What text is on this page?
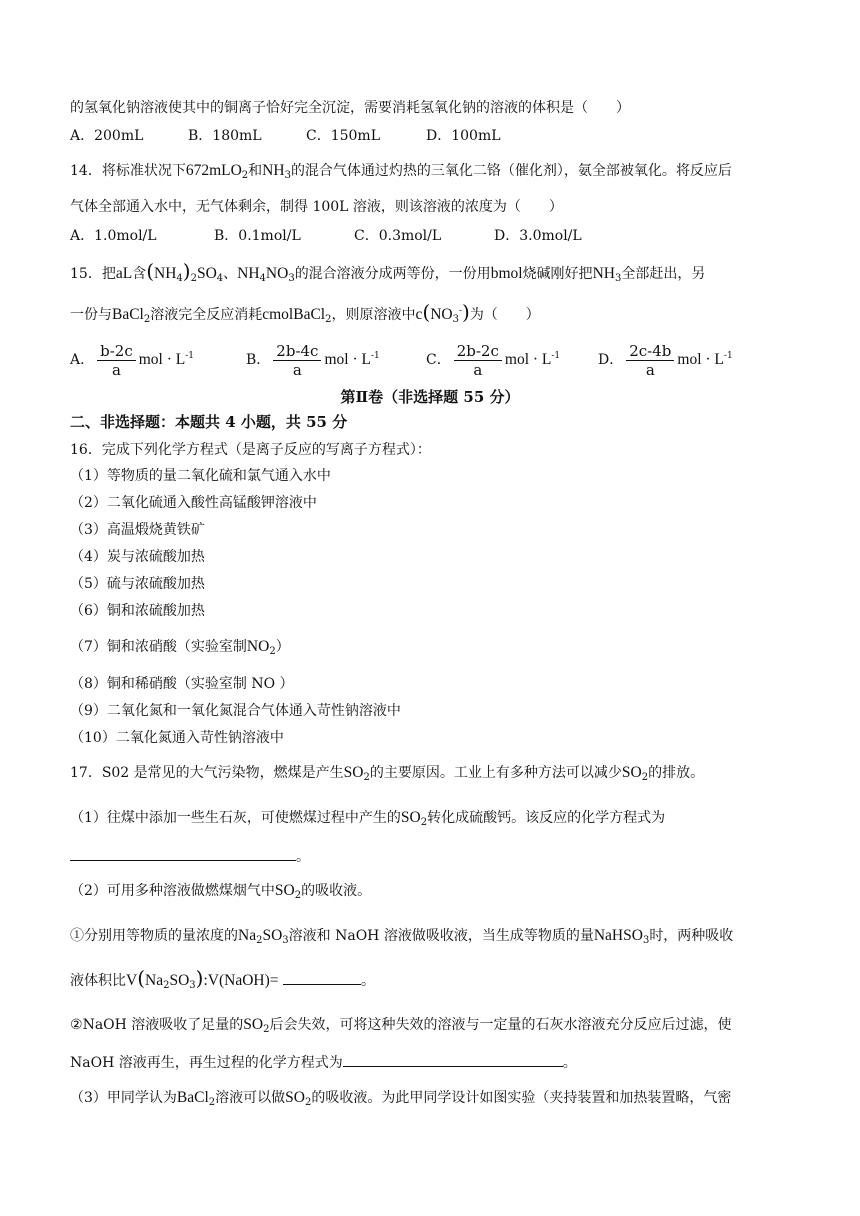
的氢氧化钠溶液使其中的铜离子恰好完全沉淀，需要消耗氢氧化钠的溶液的体积是（　　）
A．200mL	B．180mL	C．150mL	D．100mL
14．将标准状况下672mLO$_2$和$NH_3$的混合气体通过灼热的三氧化二铬（催化剂），氨全部被氧化。将反应后
气体全部通入水中，无气体剩余，制得 100L 溶液，则该溶液的浓度为（　　）
A．1.0mol/L	B．0.1mol/L	C．0.3mol/L	D．3.0mol/L
15．把aL含$(NH_4)_2SO_4$、$NH_4NO_3$的混合溶液分成两等份，一份用bmol烧碱刚好把$NH_3$全部赶出，另
一份与BaCl$_2$溶液完全反应消耗cmolBaCl$_2$，则原溶液中$c(NO_3^-)$为（　　）
A． $\frac{b-2c}{a}$ mol · $L^{-1}$	B． $\frac{2b-4c}{a}$ mol · $L^{-1}$	C． $\frac{2b-2c}{a}$ mol · $L^{-1}$	D． $\frac{2c-4b}{a}$ mol · $L^{-1}$
第Ⅱ卷（非选择题 55 分）
二、非选择题：本题共 4 小题，共 55 分
16．完成下列化学方程式（是离子反应的写离子方程式）：
（1）等物质的量二氧化硫和氯气通入水中
（2）二氧化硫通入酸性高锰酸钾溶液中
（3）高温煅烧黄铁矿
（4）炭与浓硫酸加热
（5）硫与浓硫酸加热
（6）铜和浓硫酸加热
（7）铜和浓硝酸（实验室制$NO_2$）
（8）铜和稀硝酸（实验室制 NO ）
（9）二氧化氮和一氧化氮混合气体通入苛性钠溶液中
（10）二氧化氮通入苛性钠溶液中
17．S02 是常见的大气污染物，燃煤是产生$SO_2$的主要原因。工业上有多种方法可以减少$SO_2$的排放。
（1）往煤中添加一些生石灰，可使燃煤过程中产生的$SO_2$转化成硫酸钙。该反应的化学方程式为
。
（2）可用多种溶液做燃煤烟气中$SO_2$的吸收液。
①分别用等物质的量浓度的$Na_2SO_3$溶液和 NaOH 溶液做吸收液，当生成等物质的量NaHSO$_3$时，两种吸收
液体积比$V(Na_2SO_3):V(NaOH)=$	。
②NaOH 溶液吸收了足量的$SO_2$后会失效，可将这种失效的溶液与一定量的石灰水溶液充分反应后过滤，使
NaOH 溶液再生，再生过程的化学方程式为	。
（3）甲同学认为BaCl$_2$溶液可以做$SO_2$的吸收液。为此甲同学设计如图实验（夹持装置和加热装置略，气密
